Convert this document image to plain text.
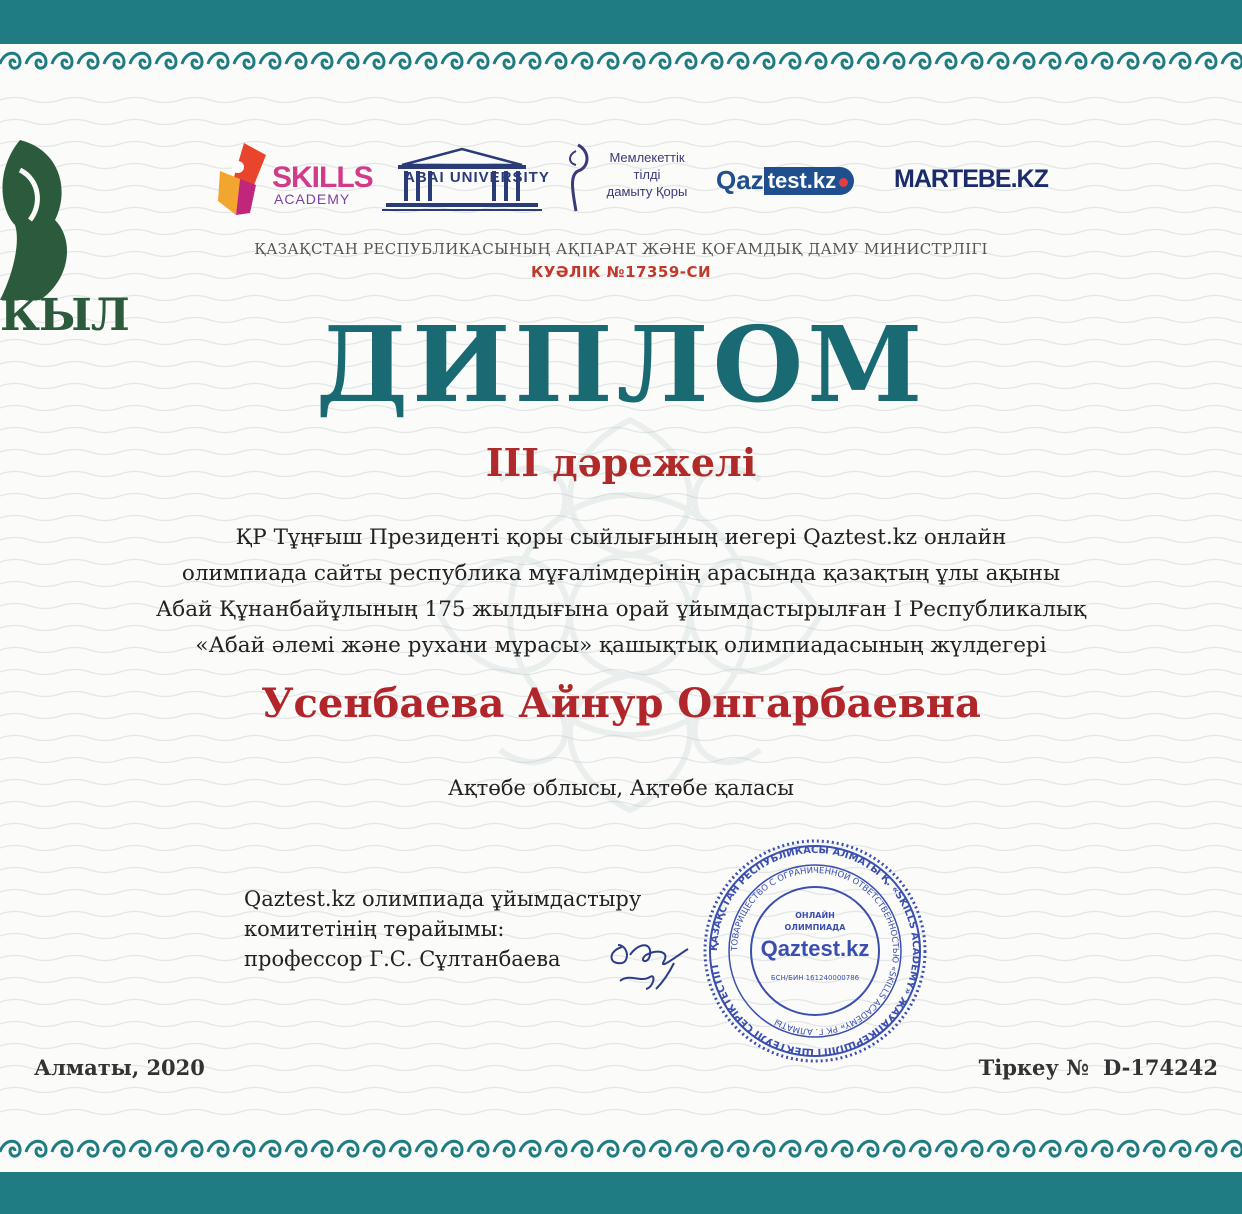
КЫЛ
SKILLS
ACADEMY
ABAI UNIVERSITY
Мемлекеттік
тілді
дамыту Қоры	Qaz test.kz	MARTEBE.KZ
ҚАЗАҚСТАН РЕСПУБЛИКАСЫНЫҢ АҚПАРАТ ЖӘНЕ ҚОҒАМДЫҚ ДАМУ МИНИСТРЛІГІ
КУӘЛІК №17359-СИ
ДИПЛОМ
III дәрежелі
ҚР Тұңғыш Президенті қоры сыйлығының иегері Qaztest.kz онлайн
олимпиада сайты республика мұғалімдерінің арасында қазақтың ұлы ақыны
Абай Құнанбайұлының 175 жылдығына орай ұйымдастырылған І Республикалық
«Абай әлемі және рухани мұрасы» қашықтық олимпиадасының жүлдегері
Усенбаева Айнур Онгарбаевна
Ақтөбе облысы, Ақтөбе қаласы
Qaztest.kz олимпиада ұйымдастыру
комитетінің төрайымы:
профессор Г.С. Сұлтанбаева	ҚАЗАҚСТАН РЕСПУБЛИКАСЫ АЛМАТЫ Қ. «SKILLS ACADEMY» ЖАУАПКЕРШІЛІГІ ШЕКТЕУЛІ СЕРІКТЕСТІГІ
ТОВАРИЩЕСТВО С ОГРАНИЧЕННОЙ ОТВЕТСТВЕННОСТЬЮ «SKILLS ACADEMY» РК Г. АЛМАТЫ
ОНЛАЙН
ОЛИМПИАДА
Qaztest.kz
БСН/БИН 161240000786
Алматы, 2020	Тіркеу № D-174242
